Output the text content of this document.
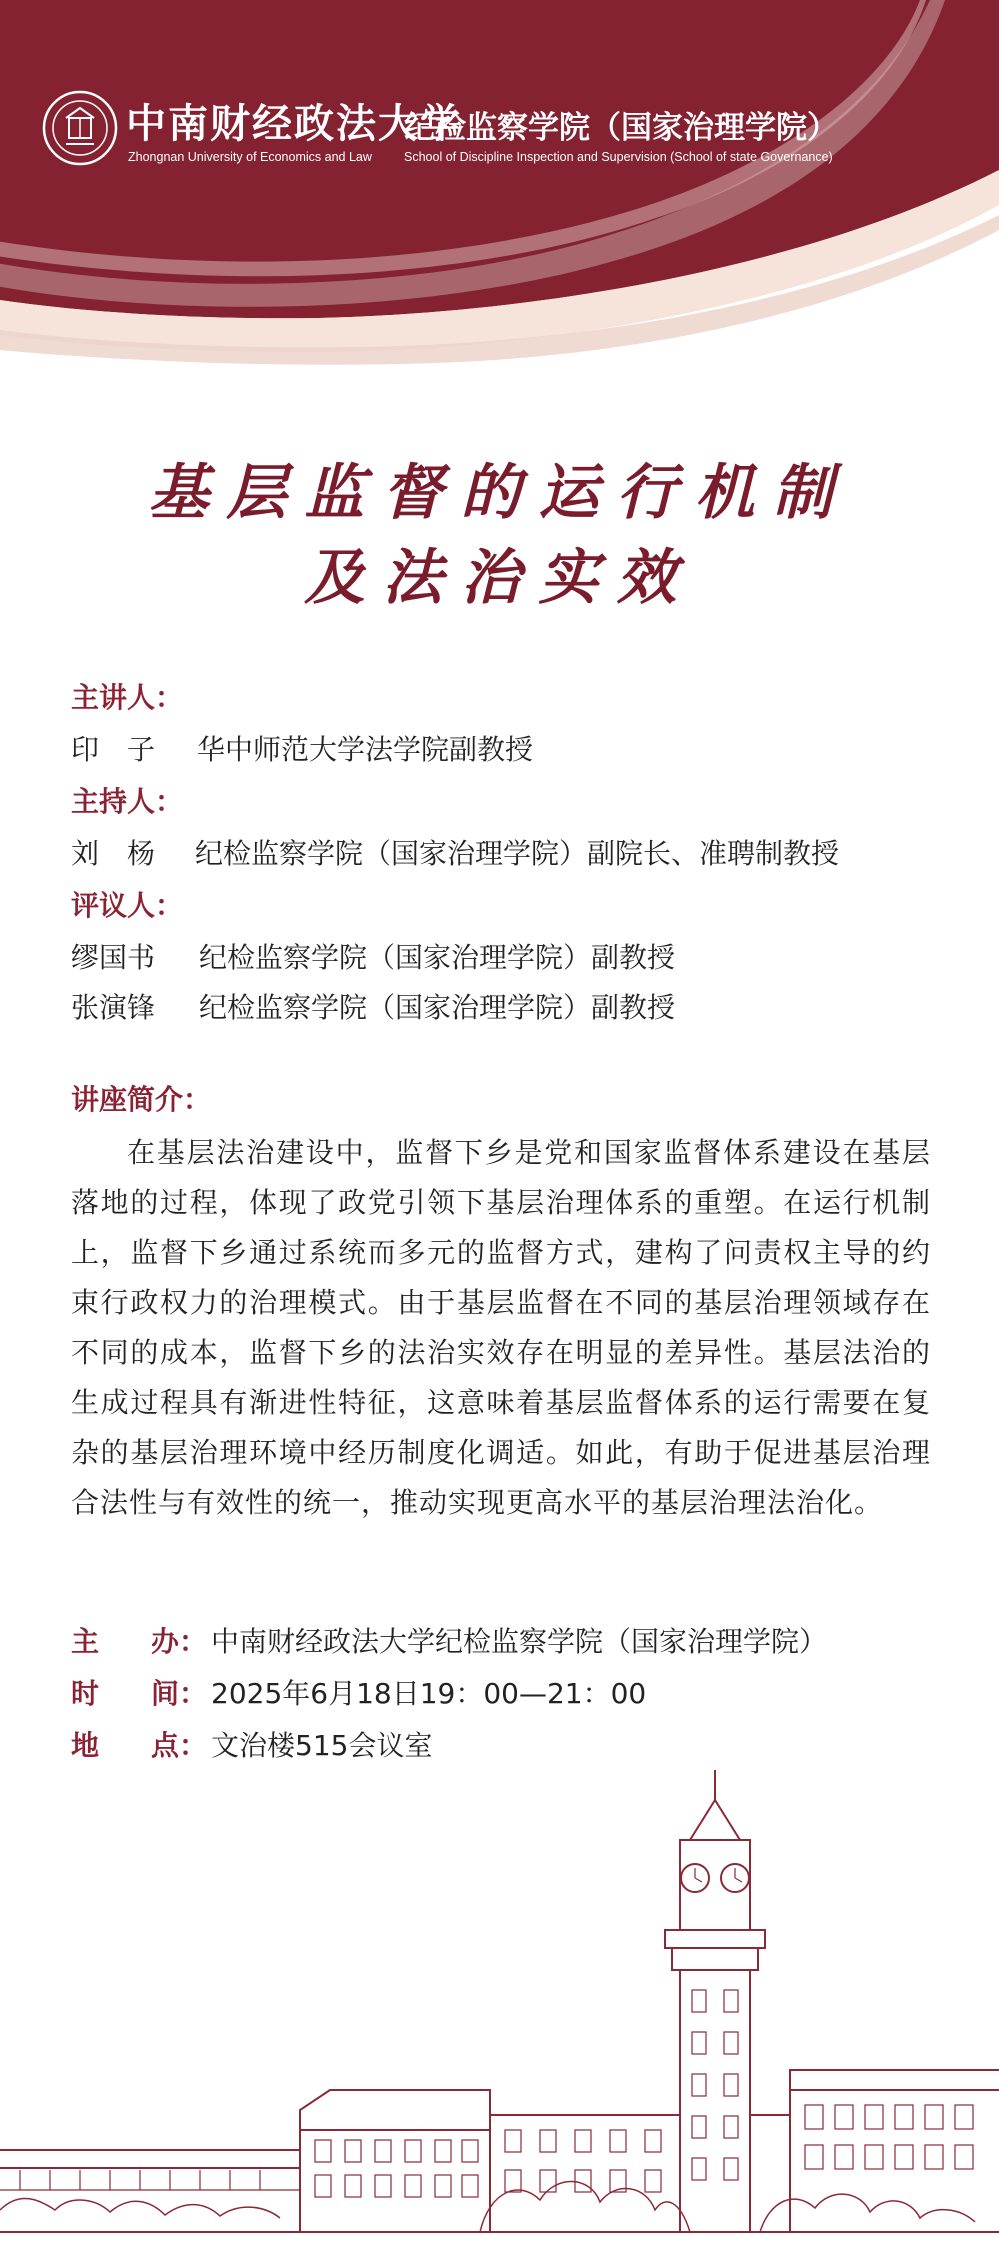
中南财经政法大学
Zhongnan University of Economics and Law
纪检监察学院（国家治理学院）
School of Discipline Inspection and Supervision (School of state Governance)
基层监督的运行机制
及法治实效
主讲人：
印　子 华中师范大学法学院副教授
主持人：
刘　杨 纪检监察学院（国家治理学院）副院长、准聘制教授
评议人：
缪国书 纪检监察学院（国家治理学院）副教授
张演锋 纪检监察学院（国家治理学院）副教授
讲座简介：

在基层法治建设中，监督下乡是党和国家监督体系建设在基层落地的过程，体现了政党引领下基层治理体系的重塑。在运行机制上，监督下乡通过系统而多元的监督方式，建构了问责权主导的约束行政权力的治理模式。由于基层监督在不同的基层治理领域存在不同的成本，监督下乡的法治实效存在明显的差异性。基层法治的生成过程具有渐进性特征，这意味着基层监督体系的运行需要在复杂的基层治理环境中经历制度化调适。如此，有助于促进基层治理合法性与有效性的统一，推动实现更高水平的基层治理法治化。

主 办： 中南财经政法大学纪检监察学院（国家治理学院）
时 间： 2025年6月18日19：00—21：00
地 点： 文治楼515会议室
